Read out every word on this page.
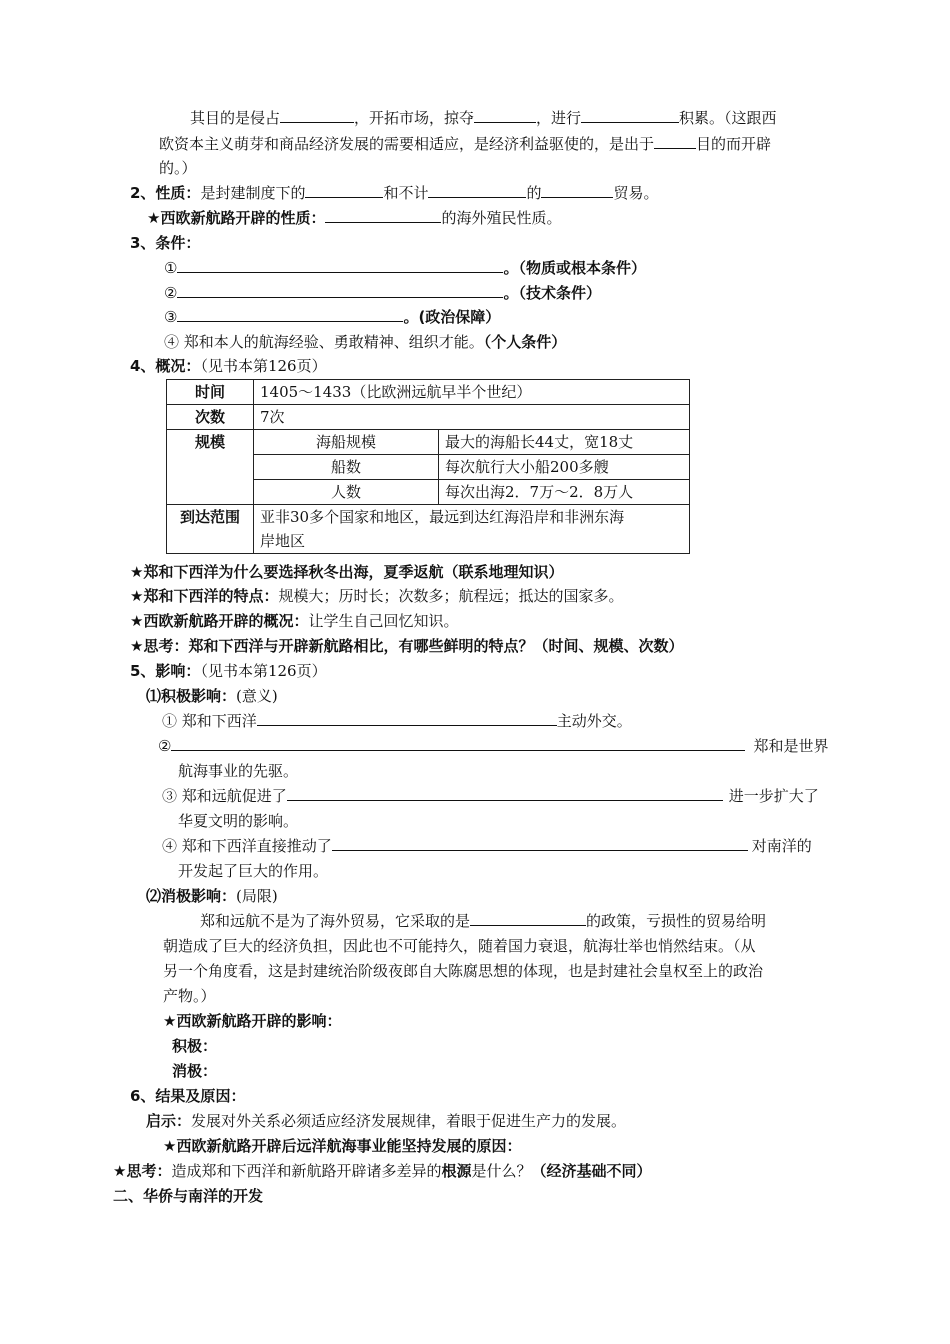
其目的是侵占	，开拓市场，掠夺	，进行	积累。（这跟西
欧资本主义萌芽和商品经济发展的需要相适应，是经济利益驱使的，是出于	目的而开辟
的。）
2、性质：是封建制度下的	和不计	的	贸易。
★西欧新航路开辟的性质：	的海外殖民性质。
3、条件：
①	。（物质或根本条件）
②	。（技术条件）
③	。(政治保障）
④ 郑和本人的航海经验、勇敢精神、组织才能。（个人条件）
4、概况：（见书本第126页）
时间	1405～1433（比欧洲远航早半个世纪）	
次数	7次	
规模	海船规模	最大的海船长44丈，宽18丈
	船数	每次航行大小船200多艘
	人数	每次出海2．7万～2．8万人
到达范围	亚非30多个国家和地区，最远到达红海沿岸和非洲东海
岸地区	
★郑和下西洋为什么要选择秋冬出海，夏季返航（联系地理知识）
★郑和下西洋的特点：规模大；历时长；次数多；航程远；抵达的国家多。
★西欧新航路开辟的概况：让学生自己回忆知识。
★思考：郑和下西洋与开辟新航路相比，有哪些鲜明的特点？（时间、规模、次数）
5、影响：（见书本第126页）
⑴积极影响：(意义)
① 郑和下西洋	主动外交。
②	郑和是世界
航海事业的先驱。
③ 郑和远航促进了	进一步扩大了
华夏文明的影响。
④ 郑和下西洋直接推动了	对南洋的
开发起了巨大的作用。
⑵消极影响：(局限)
郑和远航不是为了海外贸易，它采取的是	的政策，亏损性的贸易给明
朝造成了巨大的经济负担，因此也不可能持久，随着国力衰退，航海壮举也悄然结束。（从
另一个角度看，这是封建统治阶级夜郎自大陈腐思想的体现，也是封建社会皇权至上的政治
产物。）
★西欧新航路开辟的影响：
积极：
消极：
6、结果及原因：
启示：发展对外关系必须适应经济发展规律，着眼于促进生产力的发展。
★西欧新航路开辟后远洋航海事业能坚持发展的原因：
★思考：造成郑和下西洋和新航路开辟诸多差异的根源是什么？（经济基础不同）
二、华侨与南洋的开发
